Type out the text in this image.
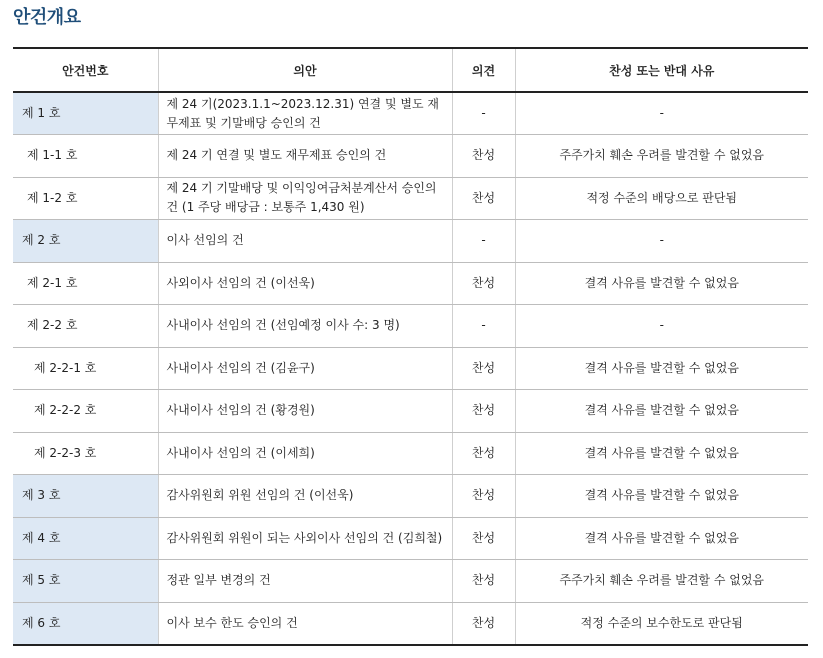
안건개요
안건번호	의안	의견	찬성 또는 반대 사유
제 1 호	제 24 기(2023.1.1~2023.12.31) 연결 및 별도 재무제표 및 기말배당 승인의 건	-	-
제 1-1 호	제 24 기 연결 및 별도 재무제표 승인의 건	찬성	주주가치 훼손 우려를 발견할 수 없었음
제 1-2 호	제 24 기 기말배당 및 이익잉여금처분계산서 승인의 건 (1 주당 배당금 : 보통주 1,430 원)	찬성	적정 수준의 배당으로 판단됨
제 2 호	이사 선임의 건	-	-
제 2-1 호	사외이사 선임의 건 (이선욱)	찬성	결격 사유를 발견할 수 없었음
제 2-2 호	사내이사 선임의 건 (선임예정 이사 수: 3 명)	-	-
제 2-2-1 호	사내이사 선임의 건 (김윤구)	찬성	결격 사유를 발견할 수 없었음
제 2-2-2 호	사내이사 선임의 건 (황경원)	찬성	결격 사유를 발견할 수 없었음
제 2-2-3 호	사내이사 선임의 건 (이세희)	찬성	결격 사유를 발견할 수 없었음
제 3 호	감사위원회 위원 선임의 건 (이선욱)	찬성	결격 사유를 발견할 수 없었음
제 4 호	감사위원회 위원이 되는 사외이사 선임의 건 (김희철)	찬성	결격 사유를 발견할 수 없었음
제 5 호	정관 일부 변경의 건	찬성	주주가치 훼손 우려를 발견할 수 없었음
제 6 호	이사 보수 한도 승인의 건	찬성	적정 수준의 보수한도로 판단됨
